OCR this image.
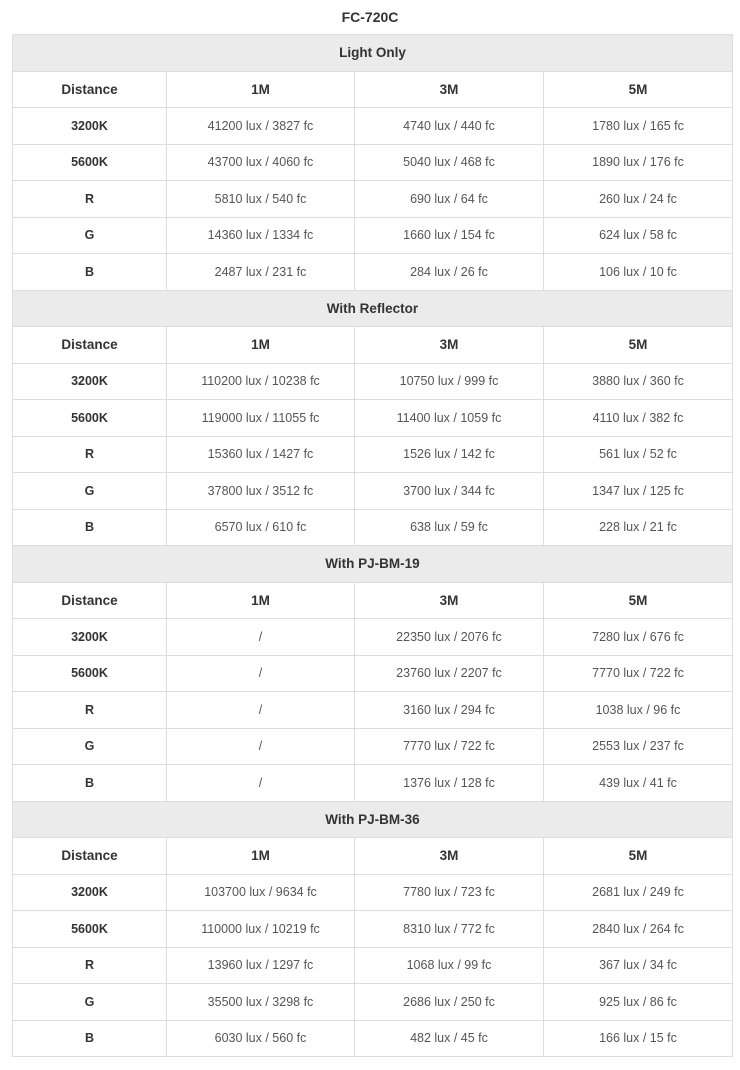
FC-720C
Light Only			
Distance	1M	3M	5M
3200K	41200 lux / 3827 fc	4740 lux / 440 fc	1780 lux / 165 fc
5600K	43700 lux / 4060 fc	5040 lux / 468 fc	1890 lux / 176 fc
R	5810 lux / 540 fc	690 lux / 64 fc	260 lux / 24 fc
G	14360 lux / 1334 fc	1660 lux / 154 fc	624 lux / 58 fc
B	2487 lux / 231 fc	284 lux / 26 fc	106 lux / 10 fc
With Reflector			
Distance	1M	3M	5M
3200K	110200 lux / 10238 fc	10750 lux / 999 fc	3880 lux / 360 fc
5600K	119000 lux / 11055 fc	11400 lux / 1059 fc	4110 lux / 382 fc
R	15360 lux / 1427 fc	1526 lux / 142 fc	561 lux / 52 fc
G	37800 lux / 3512 fc	3700 lux / 344 fc	1347 lux / 125 fc
B	6570 lux / 610 fc	638 lux / 59 fc	228 lux / 21 fc
With PJ-BM-19			
Distance	1M	3M	5M
3200K	/	22350 lux / 2076 fc	7280 lux / 676 fc
5600K	/	23760 lux / 2207 fc	7770 lux / 722 fc
R	/	3160 lux / 294 fc	1038 lux / 96 fc
G	/	7770 lux / 722 fc	2553 lux / 237 fc
B	/	1376 lux / 128 fc	439 lux / 41 fc
With PJ-BM-36			
Distance	1M	3M	5M
3200K	103700 lux / 9634 fc	7780 lux / 723 fc	2681 lux / 249 fc
5600K	110000 lux / 10219 fc	8310 lux / 772 fc	2840 lux / 264 fc
R	13960 lux / 1297 fc	1068 lux / 99 fc	367 lux / 34 fc
G	35500 lux / 3298 fc	2686 lux / 250 fc	925 lux / 86 fc
B	6030 lux / 560 fc	482 lux / 45 fc	166 lux / 15 fc
